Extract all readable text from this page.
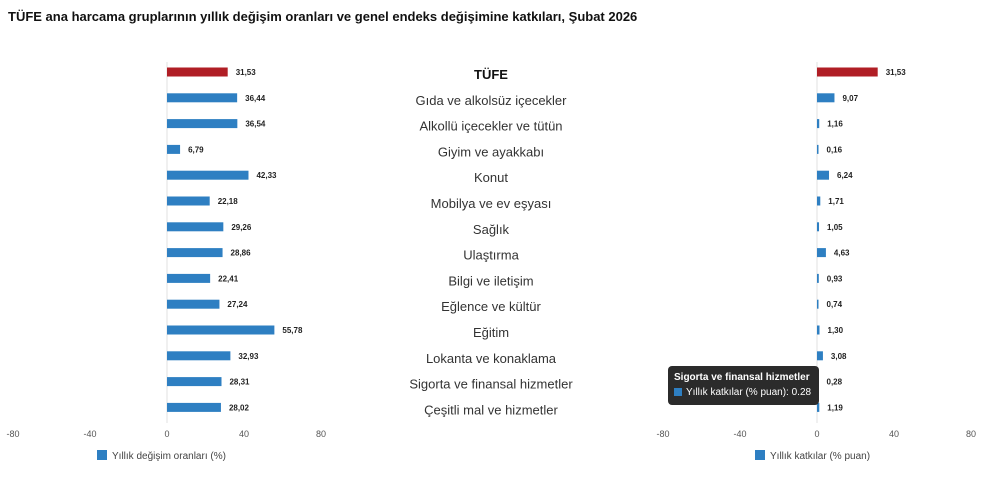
TÜFE ana harcama gruplarının yıllık değişim oranları ve genel endeks değişimine katkıları, Şubat 2026
31,53
36,44
36,54
6,79
42,33
22,18
29,26
28,86
22,41
27,24
55,78
32,93
28,31
28,02
-80	-40	0	40	80
Yıllık değişim oranları (%)
TÜFE
Gıda ve alkolsüz içecekler
Alkollü içecekler ve tütün
Giyim ve ayakkabı
Konut
Mobilya ve ev eşyası
Sağlık
Ulaştırma
Bilgi ve iletişim
Eğlence ve kültür
Eğitim
Lokanta ve konaklama
Sigorta ve finansal hizmetler
Çeşitli mal ve hizmetler
31,53
9,07
1,16
0,16
6,24
1,71
1,05
4,63
0,93
0,74
1,30
3,08
0,28
1,19
-80	-40	0	40	80
Yıllık katkılar (% puan)
Sigorta ve finansal hizmetler
Yıllık katkılar (% puan): 0.28
